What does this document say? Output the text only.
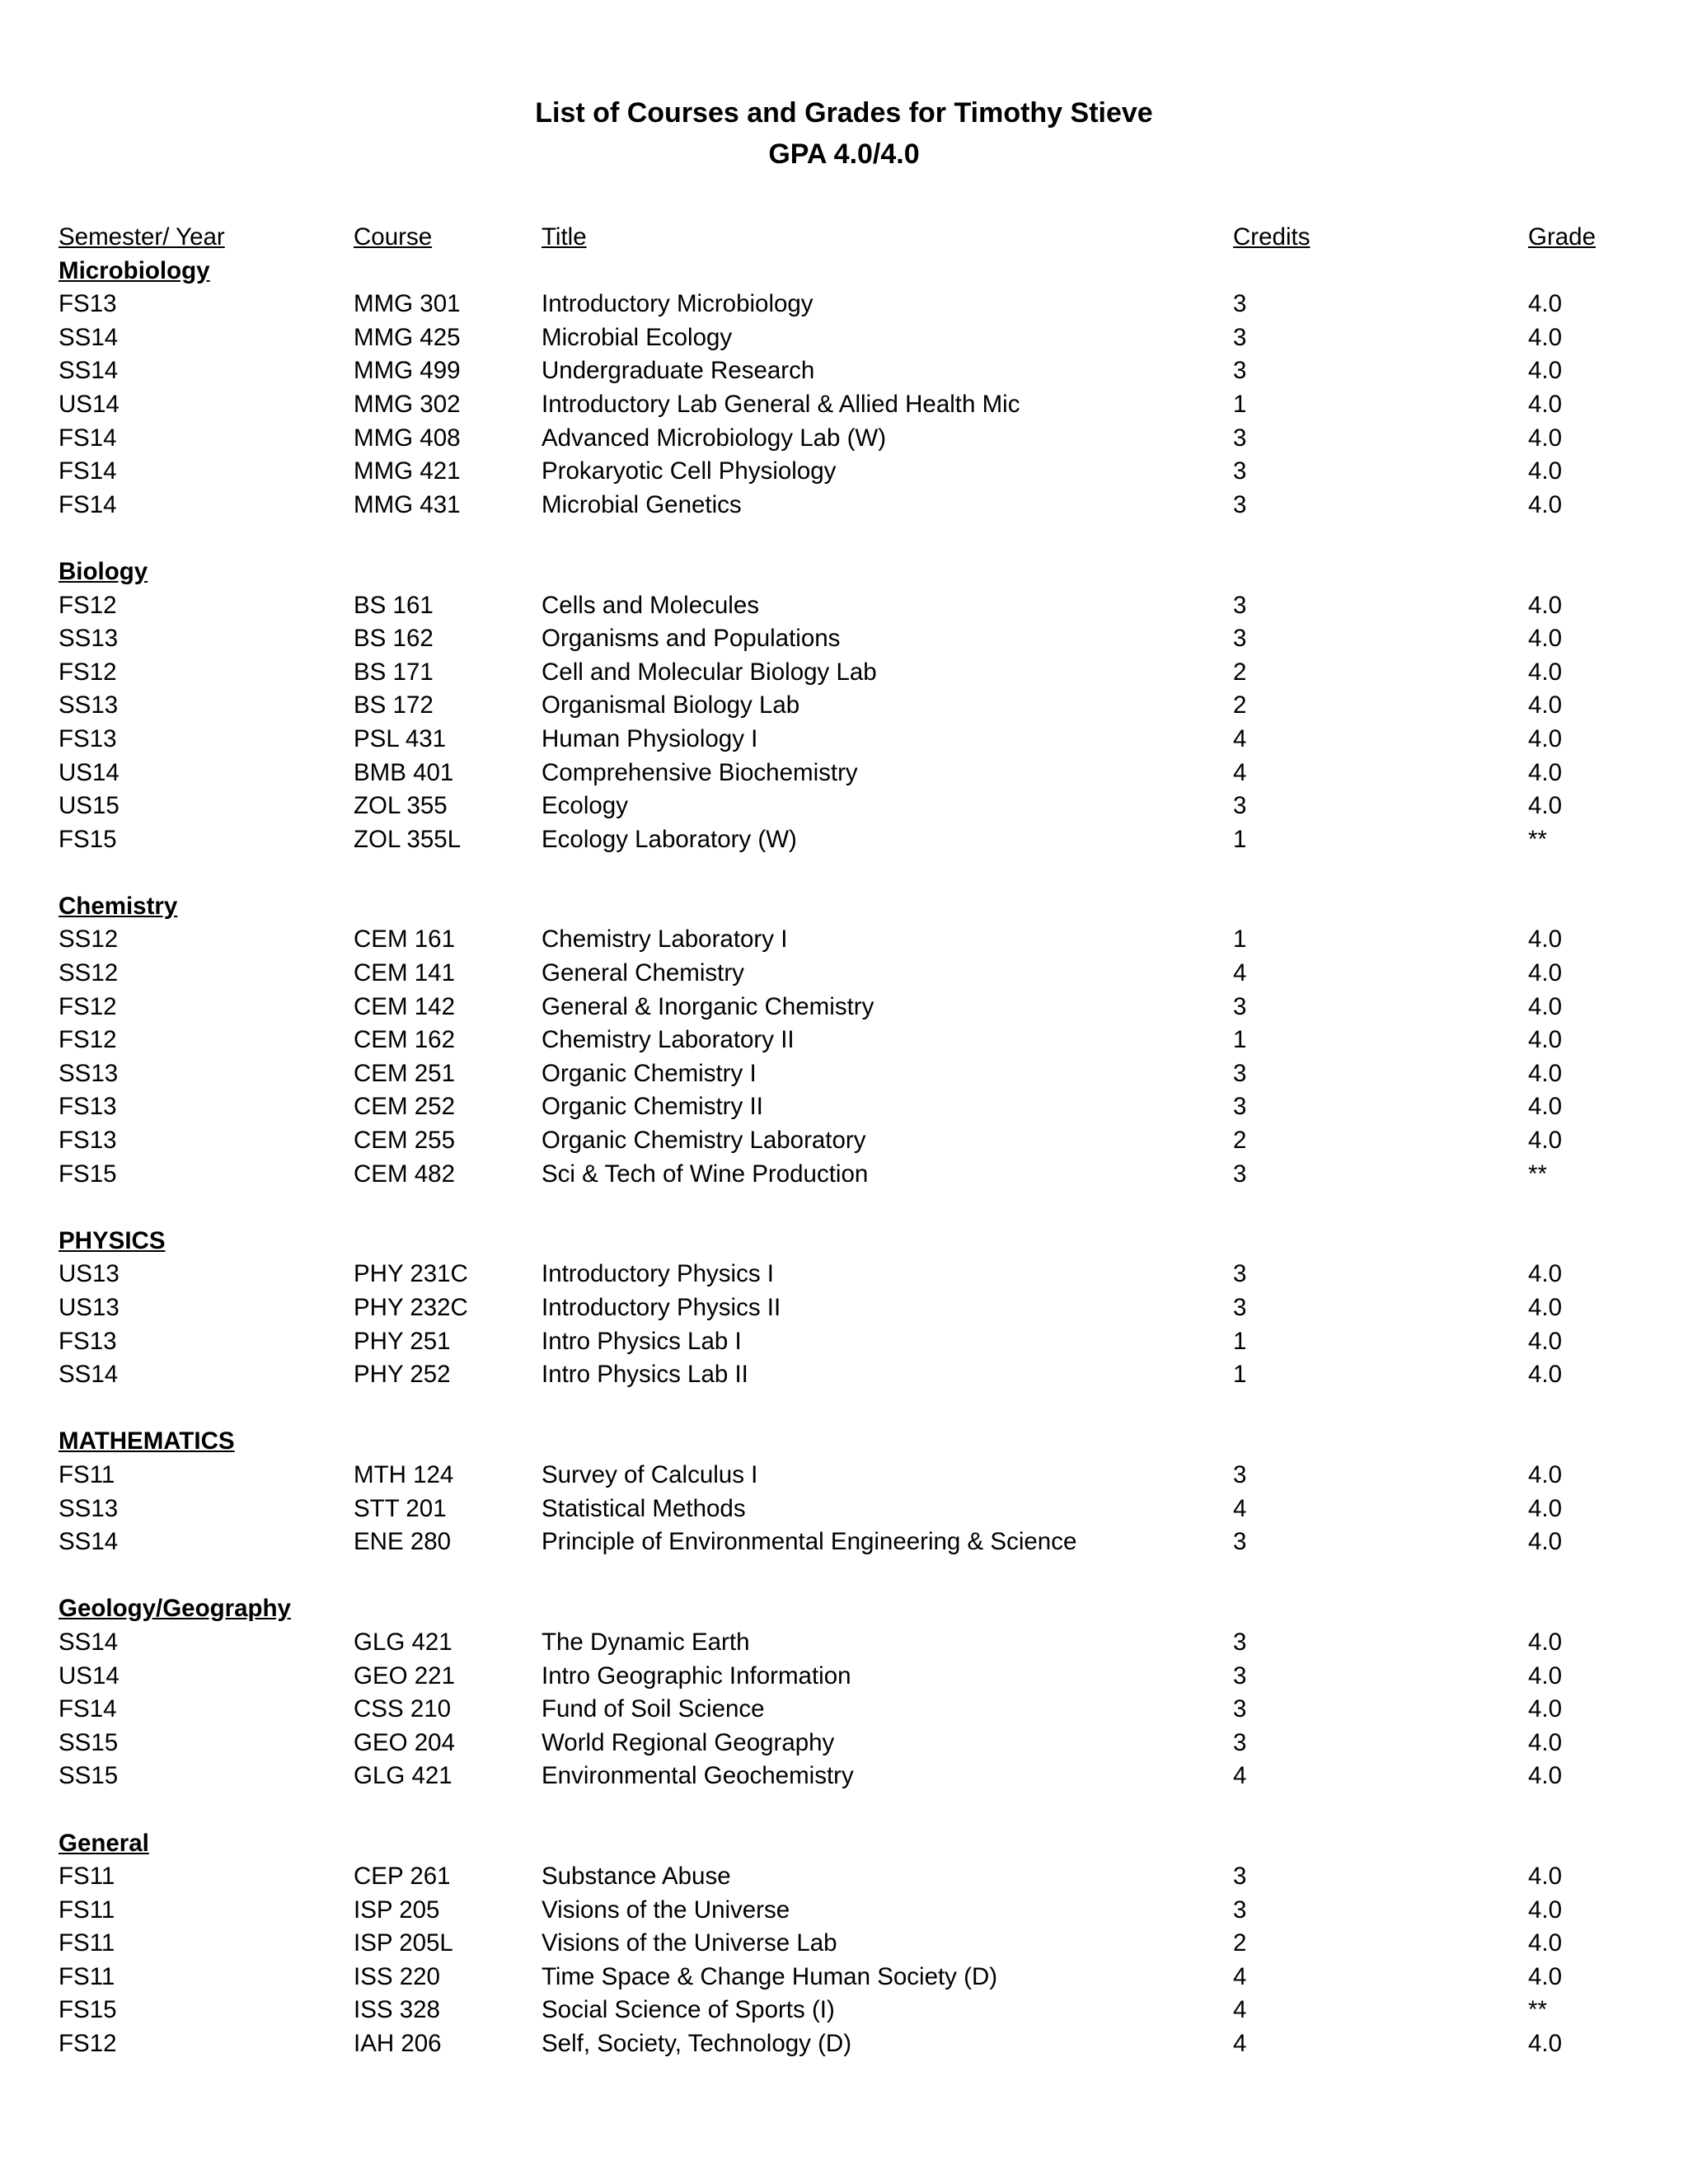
List of Courses and Grades for Timothy Stieve
GPA 4.0/4.0
Semester/ Year	Course	Title	Credits	Grade
Microbiology
FS13	MMG 301	Introductory Microbiology	3	4.0
SS14	MMG 425	Microbial Ecology	3	4.0
SS14	MMG 499	Undergraduate Research	3	4.0
US14	MMG 302	Introductory Lab General & Allied Health Mic	1	4.0
FS14	MMG 408	Advanced Microbiology Lab (W)	3	4.0
FS14	MMG 421	Prokaryotic Cell Physiology	3	4.0
FS14	MMG 431	Microbial Genetics	3	4.0
Biology
FS12	BS 161	Cells and Molecules	3	4.0
SS13	BS 162	Organisms and Populations	3	4.0
FS12	BS 171	Cell and Molecular Biology Lab	2	4.0
SS13	BS 172	Organismal Biology Lab	2	4.0
FS13	PSL 431	Human Physiology I	4	4.0
US14	BMB 401	Comprehensive Biochemistry	4	4.0
US15	ZOL 355	Ecology	3	4.0
FS15	ZOL 355L	Ecology Laboratory (W)	1	**
Chemistry
SS12	CEM 161	Chemistry Laboratory I	1	4.0
SS12	CEM 141	General Chemistry	4	4.0
FS12	CEM 142	General & Inorganic Chemistry	3	4.0
FS12	CEM 162	Chemistry Laboratory II	1	4.0
SS13	CEM 251	Organic Chemistry I	3	4.0
FS13	CEM 252	Organic Chemistry II	3	4.0
FS13	CEM 255	Organic Chemistry Laboratory	2	4.0
FS15	CEM 482	Sci & Tech of Wine Production	3	**
PHYSICS
US13	PHY 231C	Introductory Physics I	3	4.0
US13	PHY 232C	Introductory Physics II	3	4.0
FS13	PHY 251	Intro Physics Lab I	1	4.0
SS14	PHY 252	Intro Physics Lab II	1	4.0
MATHEMATICS
FS11	MTH 124	Survey of Calculus I	3	4.0
SS13	STT 201	Statistical Methods	4	4.0
SS14	ENE 280	Principle of Environmental Engineering & Science	3	4.0
Geology/Geography
SS14	GLG 421	The Dynamic Earth	3	4.0
US14	GEO 221	Intro Geographic Information	3	4.0
FS14	CSS 210	Fund of Soil Science	3	4.0
SS15	GEO 204	World Regional Geography	3	4.0
SS15	GLG 421	Environmental Geochemistry	4	4.0
General
FS11	CEP 261	Substance Abuse	3	4.0
FS11	ISP 205	Visions of the Universe	3	4.0
FS11	ISP 205L	Visions of the Universe Lab	2	4.0
FS11	ISS 220	Time Space & Change Human Society (D)	4	4.0
FS15	ISS 328	Social Science of Sports (I)	4	**
FS12	IAH 206	Self, Society, Technology (D)	4	4.0
